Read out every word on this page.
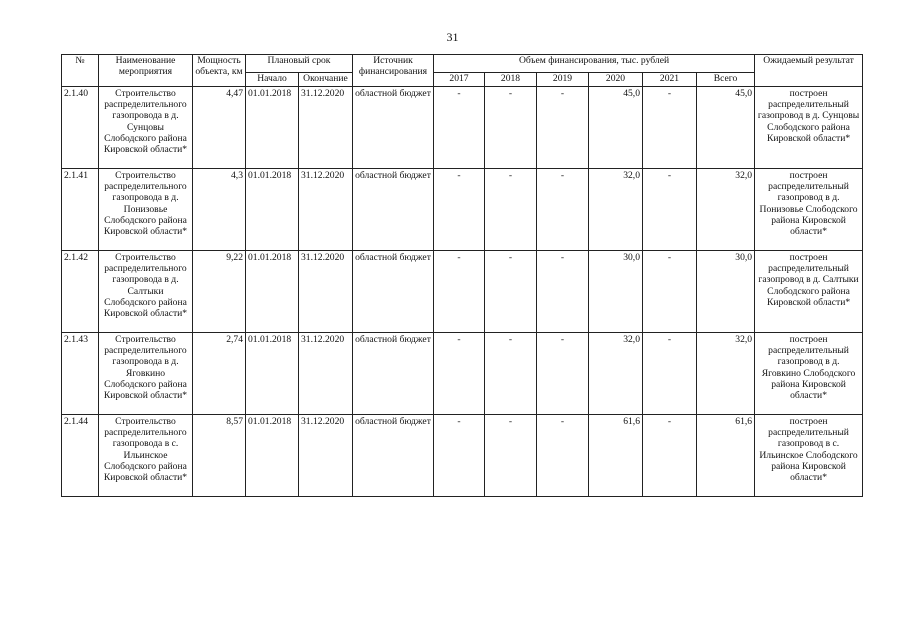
31
№	Наименование мероприятия	Мощность объекта, км	Плановый срок		Источник финансирования	Объем финансирования, тыс. рублей						Ожидаемый результат
			Начало	Окончание		2017	2018	2019	2020	2021	Всего	
2.1.40	Строительство распределительного газопровода в д. Сунцовы Слободского района Кировской области*	4,47	01.01.2018	31.12.2020	областной бюджет	-	-	-	45,0	-	45,0	построен распределительный газопровод в д. Сунцовы Слободского района Кировской области*
2.1.41	Строительство распределительного газопровода в д. Понизовье Слободского района Кировской области*	4,3	01.01.2018	31.12.2020	областной бюджет	-	-	-	32,0	-	32,0	построен распределительный газопровод в д. Понизовье Слободского района Кировской области*
2.1.42	Строительство распределительного газопровода в д. Салтыки Слободского района Кировской области*	9,22	01.01.2018	31.12.2020	областной бюджет	-	-	-	30,0	-	30,0	построен распределительный газопровод в д. Салтыки Слободского района Кировской области*
2.1.43	Строительство распределительного газопровода в д. Яговкино Слободского района Кировской области*	2,74	01.01.2018	31.12.2020	областной бюджет	-	-	-	32,0	-	32,0	построен распределительный газопровод в д. Яговкино Слободского района Кировской области*
2.1.44	Строительство распределительного газопровода в с. Ильинское Слободского района Кировской области*	8,57	01.01.2018	31.12.2020	областной бюджет	-	-	-	61,6	-	61,6	построен распределительный газопровод в с. Ильинское Слободского района Кировской области*
